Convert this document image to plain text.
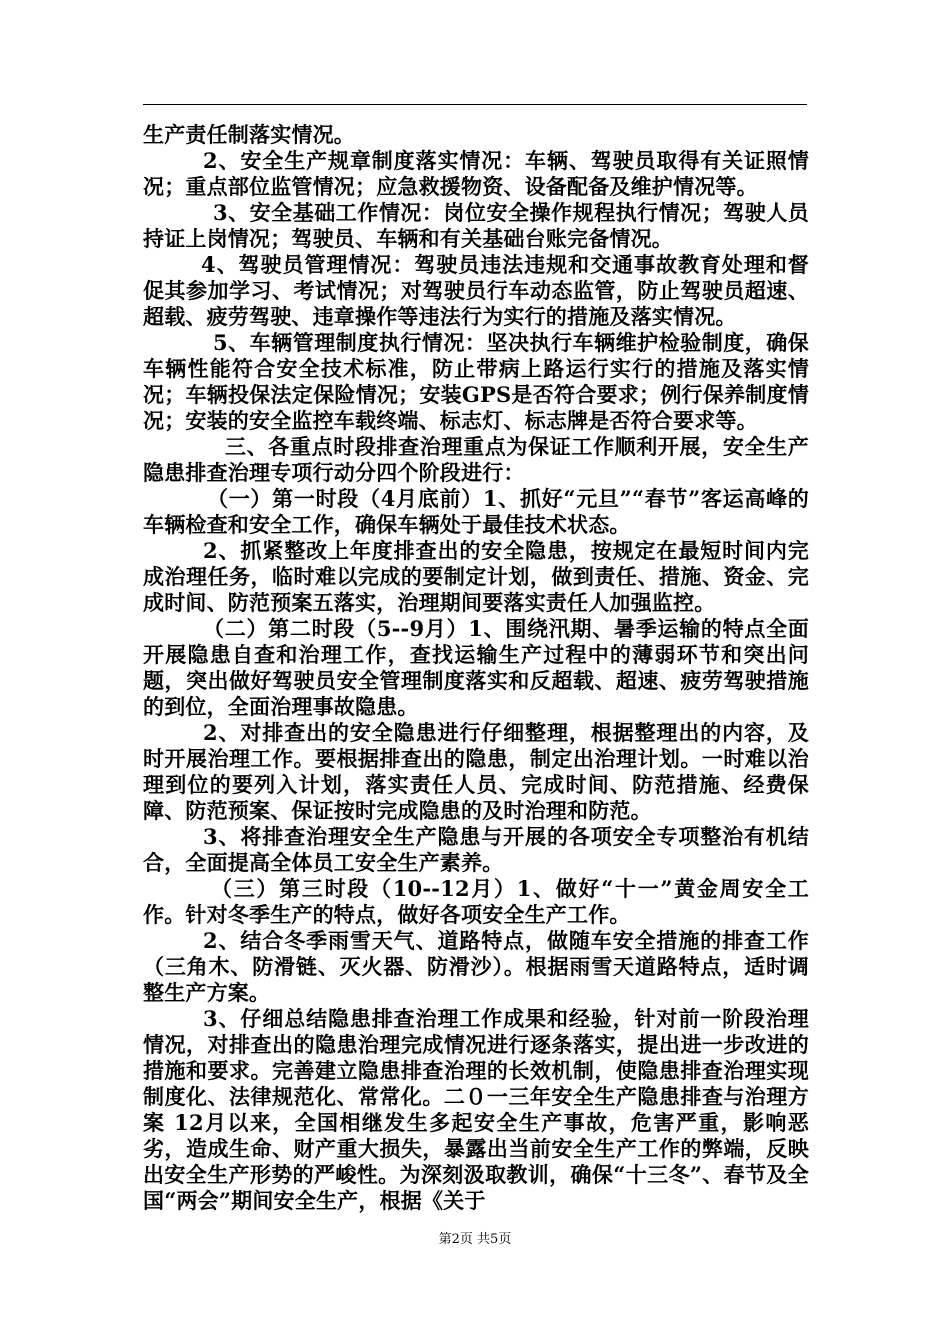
生产责任制落实情况。

2、安全生产规章制度落实情况：车辆、驾驶员取得有关证照情况；重点部位监管情况；应急救援物资、设备配备及维护情况等。

3、安全基础工作情况：岗位安全操作规程执行情况；驾驶人员持证上岗情况；驾驶员、车辆和有关基础台账完备情况。

4、驾驶员管理情况：驾驶员违法违规和交通事故教育处理和督促其参加学习、考试情况；对驾驶员行车动态监管，防止驾驶员超速、超载、疲劳驾驶、违章操作等违法行为实行的措施及落实情况。

5、车辆管理制度执行情况：坚决执行车辆维护检验制度，确保车辆性能符合安全技术标准，防止带病上路运行实行的措施及落实情况；车辆投保法定保险情况；安装GPS是否符合要求；例行保养制度情况；安装的安全监控车载终端、标志灯、标志牌是否符合要求等。

三、各重点时段排查治理重点为保证工作顺利开展，安全生产隐患排查治理专项行动分四个阶段进行：

（一）第一时段（4月底前）1、抓好“元旦”“春节”客运高峰的车辆检查和安全工作，确保车辆处于最佳技术状态。

2、抓紧整改上年度排查出的安全隐患，按规定在最短时间内完成治理任务，临时难以完成的要制定计划，做到责任、措施、资金、完成时间、防范预案五落实，治理期间要落实责任人加强监控。

（二）第二时段（5--9月）1、围绕汛期、暑季运输的特点全面开展隐患自查和治理工作，查找运输生产过程中的薄弱环节和突出问题，突出做好驾驶员安全管理制度落实和反超载、超速、疲劳驾驶措施的到位，全面治理事故隐患。

2、对排查出的安全隐患进行仔细整理，根据整理出的内容，及时开展治理工作。要根据排查出的隐患，制定出治理计划。一时难以治理到位的要列入计划，落实责任人员、完成时间、防范措施、经费保障、防范预案、保证按时完成隐患的及时治理和防范。

3、将排查治理安全生产隐患与开展的各项安全专项整治有机结合，全面提高全体员工安全生产素养。

（三）第三时段（10--12月）1、做好“十一”黄金周安全工作。针对冬季生产的特点，做好各项安全生产工作。

2、结合冬季雨雪天气、道路特点，做随车安全措施的排查工作（三角木、防滑链、灭火器、防滑沙）。根据雨雪天道路特点，适时调整生产方案。

3、仔细总结隐患排查治理工作成果和经验，针对前一阶段治理情况，对排查出的隐患治理完成情况进行逐条落实，提出进一步改进的措施和要求。完善建立隐患排查治理的长效机制，使隐患排查治理实现制度化、法律规范化、常常化。二０一三年安全生产隐患排查与治理方案 12月以来，全国相继发生多起安全生产事故，危害严重，影响恶劣，造成生命、财产重大损失，暴露出当前安全生产工作的弊端，反映出安全生产形势的严峻性。为深刻汲取教训，确保“十三冬”、春节及全国“两会”期间安全生产，根据《关于

第2页 共5页
